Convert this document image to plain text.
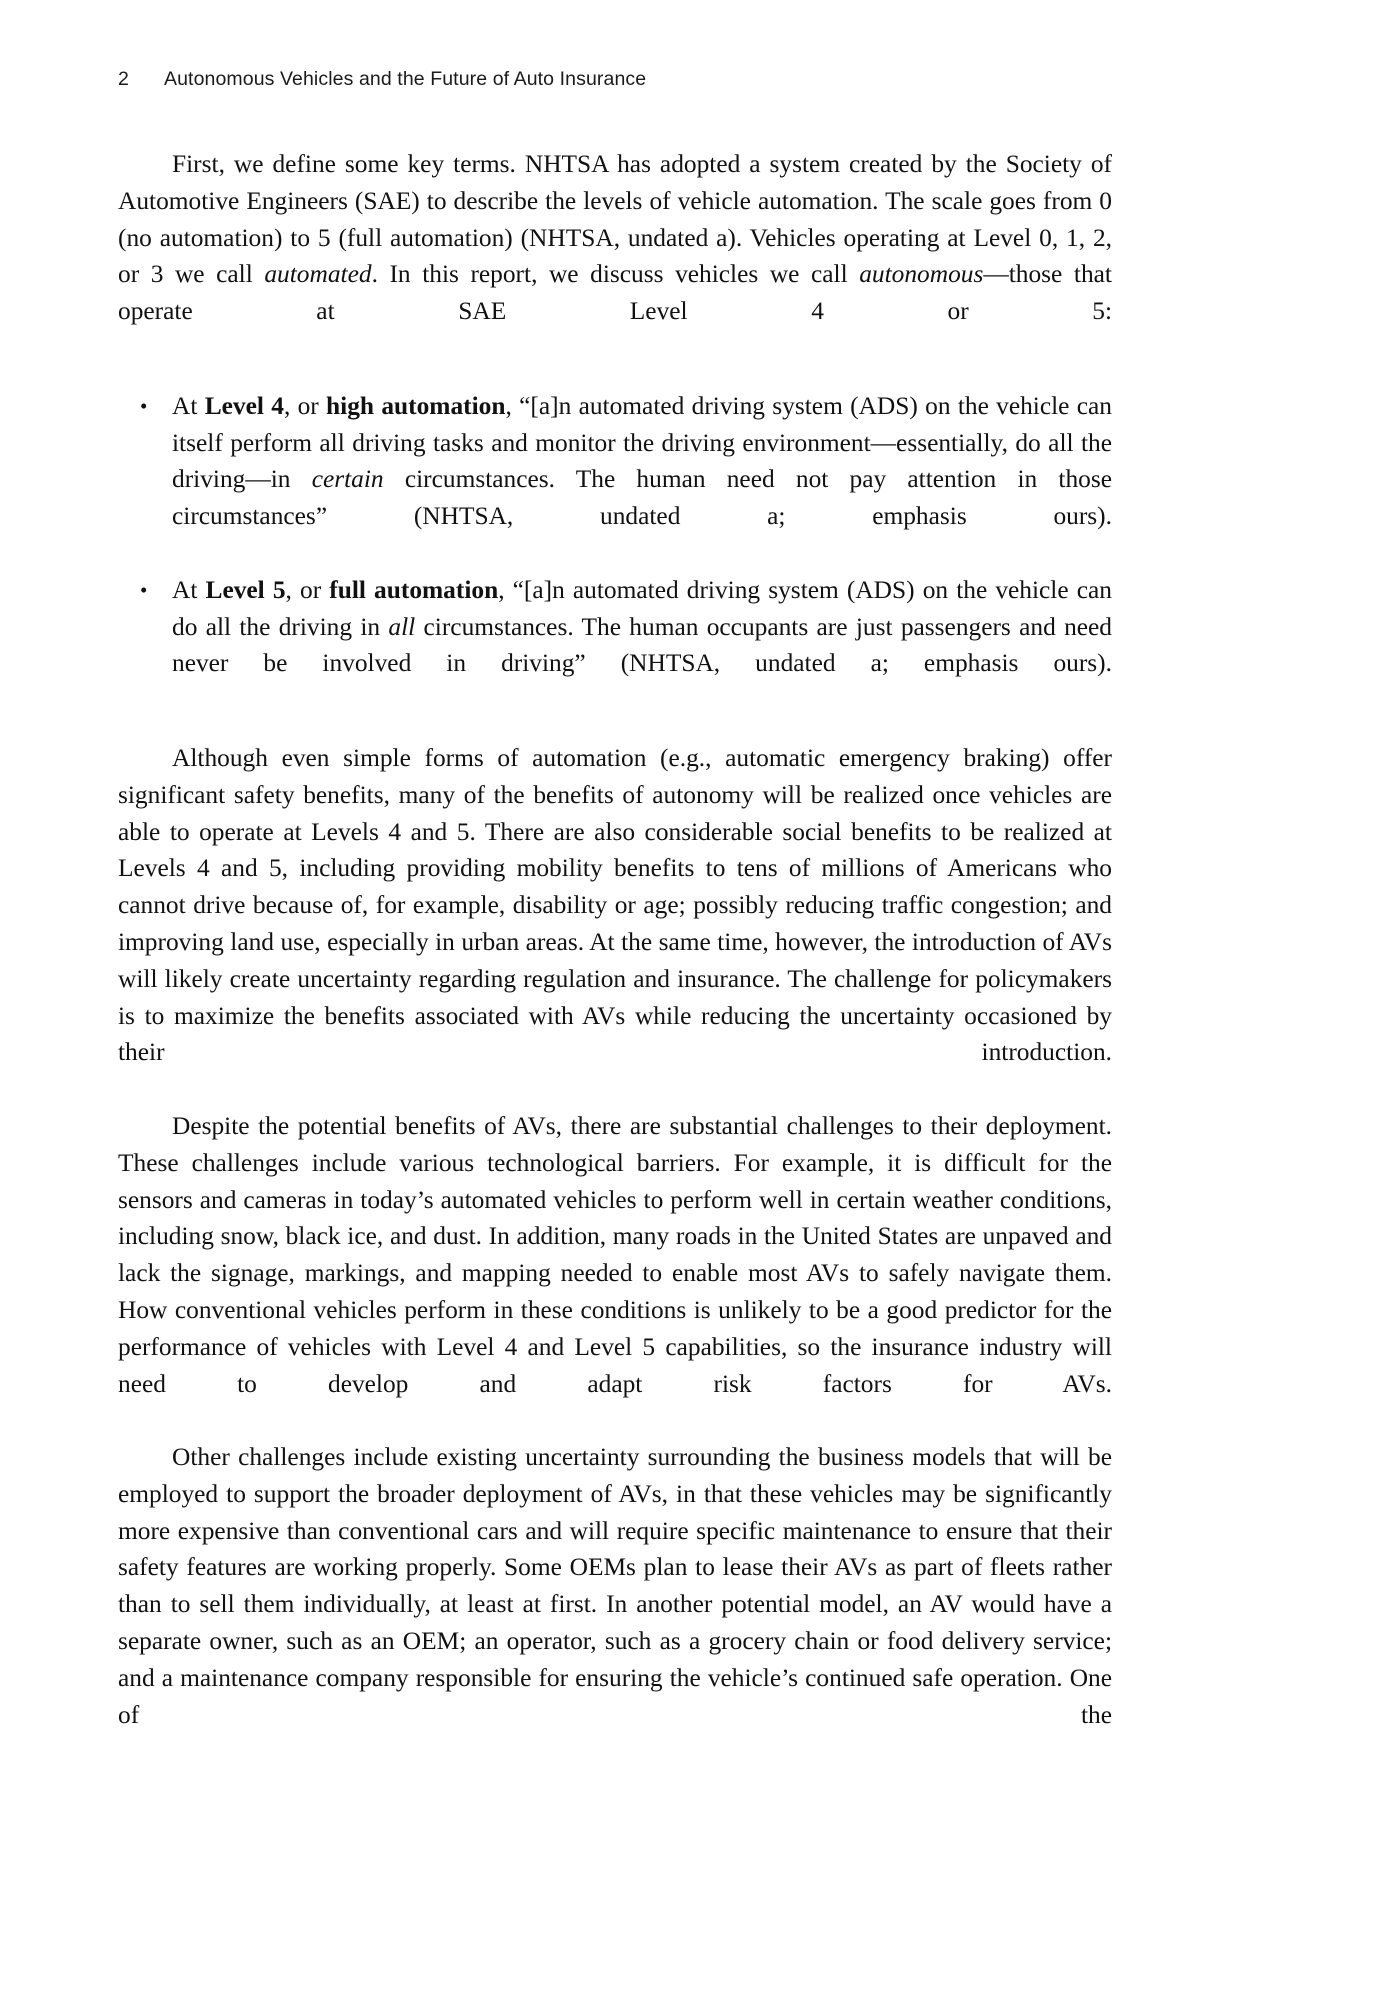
2 Autonomous Vehicles and the Future of Auto Insurance

First, we define some key terms. NHTSA has adopted a system created by the Society of Automotive Engineers (SAE) to describe the levels of vehicle automation. The scale goes from 0 (no automation) to 5 (full automation) (NHTSA, undated a). Vehicles operating at Level 0, 1, 2, or 3 we call automated. In this report, we discuss vehicles we call autonomous—those that operate at SAE Level 4 or 5:

• At Level 4, or high automation, “[a]n automated driving system (ADS) on the vehicle can itself perform all driving tasks and monitor the driving environment—essentially, do all the driving—in certain circumstances. The human need not pay attention in those circumstances” (NHTSA, undated a; emphasis ours).
• At Level 5, or full automation, “[a]n automated driving system (ADS) on the vehicle can do all the driving in all circumstances. The human occupants are just passengers and need never be involved in driving” (NHTSA, undated a; emphasis ours).

Although even simple forms of automation (e.g., automatic emergency braking) offer significant safety benefits, many of the benefits of autonomy will be realized once vehicles are able to operate at Levels 4 and 5. There are also considerable social benefits to be realized at Levels 4 and 5, including providing mobility benefits to tens of millions of Americans who cannot drive because of, for example, disability or age; possibly reducing traffic congestion; and improving land use, especially in urban areas. At the same time, however, the introduction of AVs will likely create uncertainty regarding regulation and insurance. The challenge for policymakers is to maximize the benefits associated with AVs while reducing the uncertainty occasioned by their introduction.

Despite the potential benefits of AVs, there are substantial challenges to their deployment. These challenges include various technological barriers. For example, it is difficult for the sensors and cameras in today’s automated vehicles to perform well in certain weather conditions, including snow, black ice, and dust. In addition, many roads in the United States are unpaved and lack the signage, markings, and mapping needed to enable most AVs to safely navigate them. How conventional vehicles perform in these conditions is unlikely to be a good predictor for the performance of vehicles with Level 4 and Level 5 capabilities, so the insurance industry will need to develop and adapt risk factors for AVs.

Other challenges include existing uncertainty surrounding the business models that will be employed to support the broader deployment of AVs, in that these vehicles may be significantly more expensive than conventional cars and will require specific maintenance to ensure that their safety features are working properly. Some OEMs plan to lease their AVs as part of fleets rather than to sell them individually, at least at first. In another potential model, an AV would have a separate owner, such as an OEM; an operator, such as a grocery chain or food delivery service; and a maintenance company responsible for ensuring the vehicle’s continued safe operation. One of the
